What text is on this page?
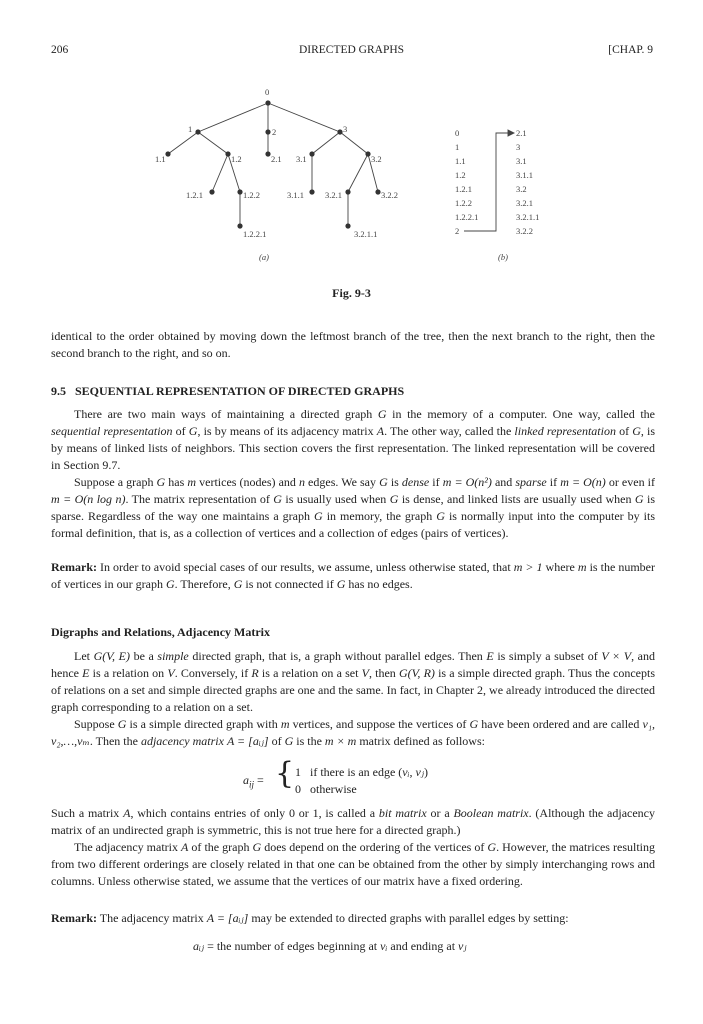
206	DIRECTED GRAPHS	[CHAP. 9
0
1	2	3
1.1	1.2	2.1 3.1	3.2
1.2.1	1.2.2	3.1.1 3.2.1	3.2.2
1.2.2.1	3.2.1.1
(a)
0
1
1.1
1.2
1.2.1
1.2.2
1.2.2.1
2
2.1
3
3.1
3.1.1
3.2
3.2.1
3.2.1.1
3.2.2
(b)
Fig. 9-3

identical to the order obtained by moving down the leftmost branch of the tree, then the next branch to the right, then the second branch to the right, and so on.

9.5 SEQUENTIAL REPRESENTATION OF DIRECTED GRAPHS

There are two main ways of maintaining a directed graph G in the memory of a computer. One way, called the sequential representation of G, is by means of its adjacency matrix A. The other way, called the linked representation of G, is by means of linked lists of neighbors. This section covers the first representation. The linked representation will be covered in Section 9.7.

Suppose a graph G has m vertices (nodes) and n edges. We say G is dense if m = O(n²) and sparse if m = O(n) or even if m = O(n log n). The matrix representation of G is usually used when G is dense, and linked lists are usually used when G is sparse. Regardless of the way one maintains a graph G in memory, the graph G is normally input into the computer by its formal definition, that is, as a collection of vertices and a collection of edges (pairs of vertices).

Remark: In order to avoid special cases of our results, we assume, unless otherwise stated, that m > 1 where m is the number of vertices in our graph G. Therefore, G is not connected if G has no edges.

Digraphs and Relations, Adjacency Matrix

Let G(V, E) be a simple directed graph, that is, a graph without parallel edges. Then E is simply a subset of V × V, and hence E is a relation on V. Conversely, if R is a relation on a set V, then G(V, R) is a simple directed graph. Thus the concepts of relations on a set and simple directed graphs are one and the same. In fact, in Chapter 2, we already introduced the directed graph corresponding to a relation on a set.

Suppose G is a simple directed graph with m vertices, and suppose the vertices of G have been ordered and are called v₁, v₂,…,vₘ. Then the adjacency matrix A = [aᵢⱼ] of G is the m × m matrix defined as follows:

$a_{ij}$ = { 1 if there is an edge (vᵢ, vⱼ)
0 otherwise

Such a matrix A, which contains entries of only 0 or 1, is called a bit matrix or a Boolean matrix. (Although the adjacency matrix of an undirected graph is symmetric, this is not true here for a directed graph.)

The adjacency matrix A of the graph G does depend on the ordering of the vertices of G. However, the matrices resulting from two different orderings are closely related in that one can be obtained from the other by simply interchanging rows and columns. Unless otherwise stated, we assume that the vertices of our matrix have a fixed ordering.

Remark: The adjacency matrix A = [aᵢⱼ] may be extended to directed graphs with parallel edges by setting:

aᵢⱼ = the number of edges beginning at vᵢ and ending at vⱼ
